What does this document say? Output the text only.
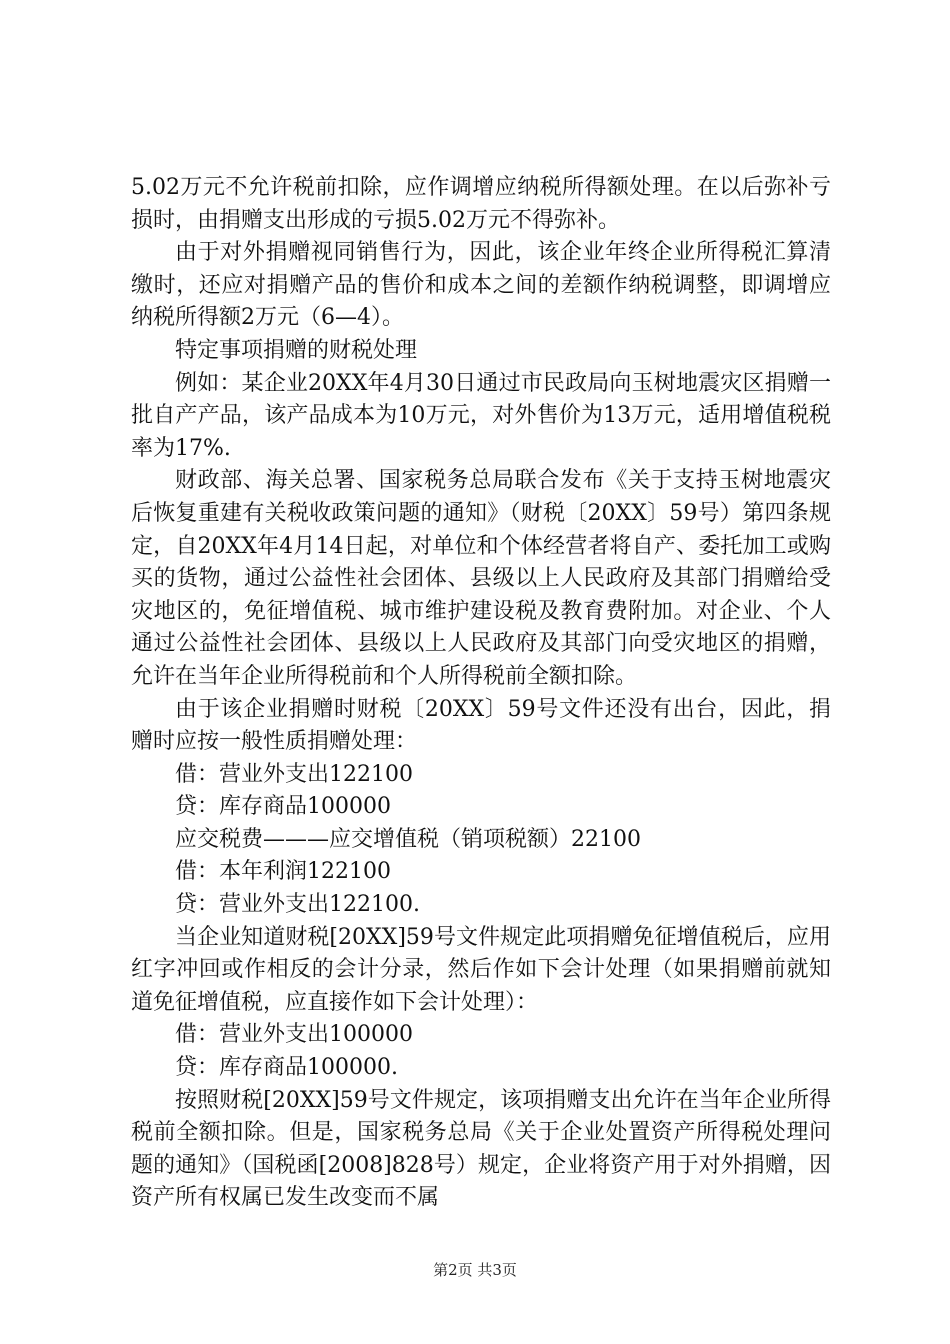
5.02万元不允许税前扣除，应作调增应纳税所得额处理。在以后弥补亏损时，由捐赠支出形成的亏损5.02万元不得弥补。

由于对外捐赠视同销售行为，因此，该企业年终企业所得税汇算清缴时，还应对捐赠产品的售价和成本之间的差额作纳税调整，即调增应纳税所得额2万元（6—4）。

特定事项捐赠的财税处理

例如：某企业20XX年4月30日通过市民政局向玉树地震灾区捐赠一批自产产品，该产品成本为10万元，对外售价为13万元，适用增值税税率为17%.

财政部、海关总署、国家税务总局联合发布《关于支持玉树地震灾后恢复重建有关税收政策问题的通知》（财税〔20XX〕59号）第四条规定，自20XX年4月14日起，对单位和个体经营者将自产、委托加工或购买的货物，通过公益性社会团体、县级以上人民政府及其部门捐赠给受灾地区的，免征增值税、城市维护建设税及教育费附加。对企业、个人通过公益性社会团体、县级以上人民政府及其部门向受灾地区的捐赠，允许在当年企业所得税前和个人所得税前全额扣除。

由于该企业捐赠时财税〔20XX〕59号文件还没有出台，因此，捐赠时应按一般性质捐赠处理：

借：营业外支出122100

贷：库存商品100000

应交税费———应交增值税（销项税额）22100

借：本年利润122100

贷：营业外支出122100.

当企业知道财税[20XX]59号文件规定此项捐赠免征增值税后，应用红字冲回或作相反的会计分录，然后作如下会计处理（如果捐赠前就知道免征增值税，应直接作如下会计处理）：

借：营业外支出100000

贷：库存商品100000.

按照财税[20XX]59号文件规定，该项捐赠支出允许在当年企业所得税前全额扣除。但是，国家税务总局《关于企业处置资产所得税处理问题的通知》（国税函[2008]828号）规定，企业将资产用于对外捐赠，因资产所有权属已发生改变而不属

第2页 共3页
